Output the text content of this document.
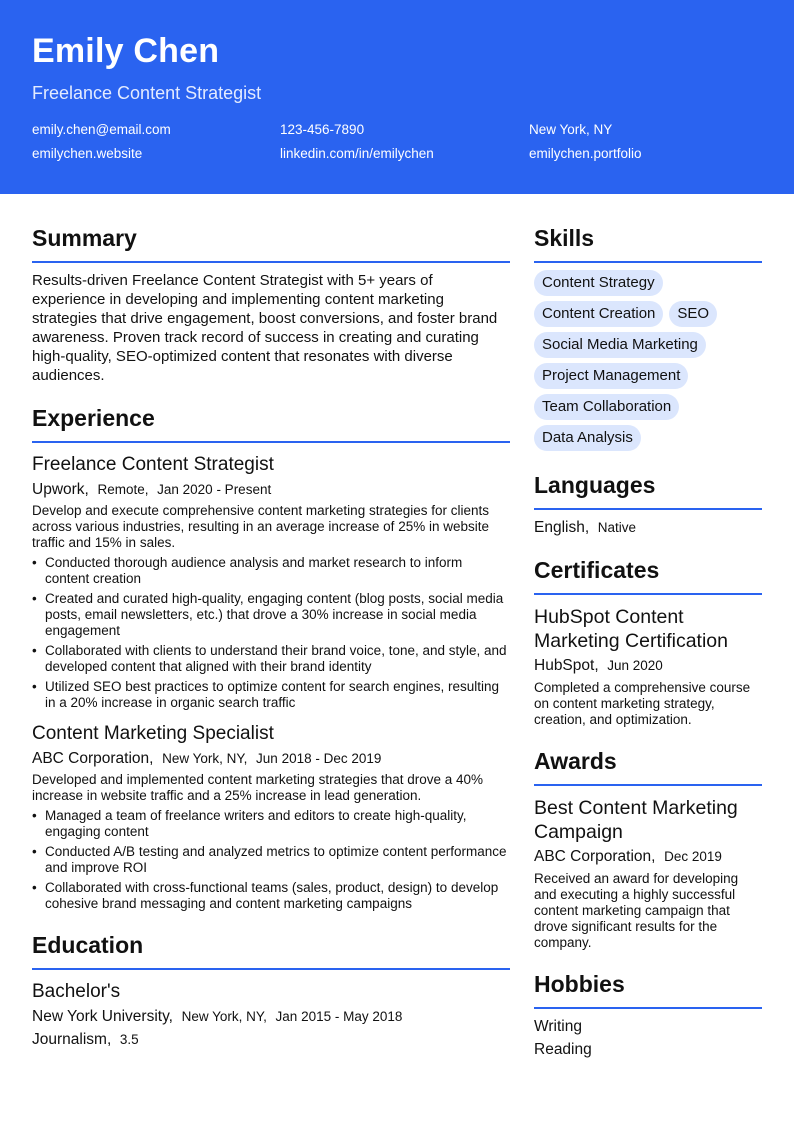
Emily Chen
Freelance Content Strategist
emily.chen@email.com	123-456-7890	New York, NY
emilychen.website	linkedin.com/in/emilychen	emilychen.portfolio
Summary

Results-driven Freelance Content Strategist with 5+ years of experience in developing and implementing content marketing strategies that drive engagement, boost conversions, and foster brand awareness. Proven track record of success in creating and curating high-quality, SEO-optimized content that resonates with diverse audiences.

Experience
Freelance Content Strategist
Upwork, Remote, Jan 2020 - Present

Develop and execute comprehensive content marketing strategies for clients across various industries, resulting in an average increase of 25% in website traffic and 15% in sales.

• Conducted thorough audience analysis and market research to inform content creation
• Created and curated high-quality, engaging content (blog posts, social media posts, email newsletters, etc.) that drove a 30% increase in social media engagement
• Collaborated with clients to understand their brand voice, tone, and style, and developed content that aligned with their brand identity
• Utilized SEO best practices to optimize content for search engines, resulting in a 20% increase in organic search traffic
Content Marketing Specialist
ABC Corporation, New York, NY, Jun 2018 - Dec 2019

Developed and implemented content marketing strategies that drove a 40% increase in website traffic and a 25% increase in lead generation.

• Managed a team of freelance writers and editors to create high-quality, engaging content
• Conducted A/B testing and analyzed metrics to optimize content performance and improve ROI
• Collaborated with cross-functional teams (sales, product, design) to develop cohesive brand messaging and content marketing campaigns
Education
Bachelor's
New York University, New York, NY, Jan 2015 - May 2018
Journalism, 3.5
Skills
Content Strategy
Content Creation SEO
Social Media Marketing
Project Management
Team Collaboration
Data Analysis
Languages
English, Native
Certificates
HubSpot Content Marketing Certification
HubSpot, Jun 2020

Completed a comprehensive course on content marketing strategy, creation, and optimization.

Awards
Best Content Marketing Campaign
ABC Corporation, Dec 2019

Received an award for developing and executing a highly successful content marketing campaign that drove significant results for the company.

Hobbies
Writing
Reading
